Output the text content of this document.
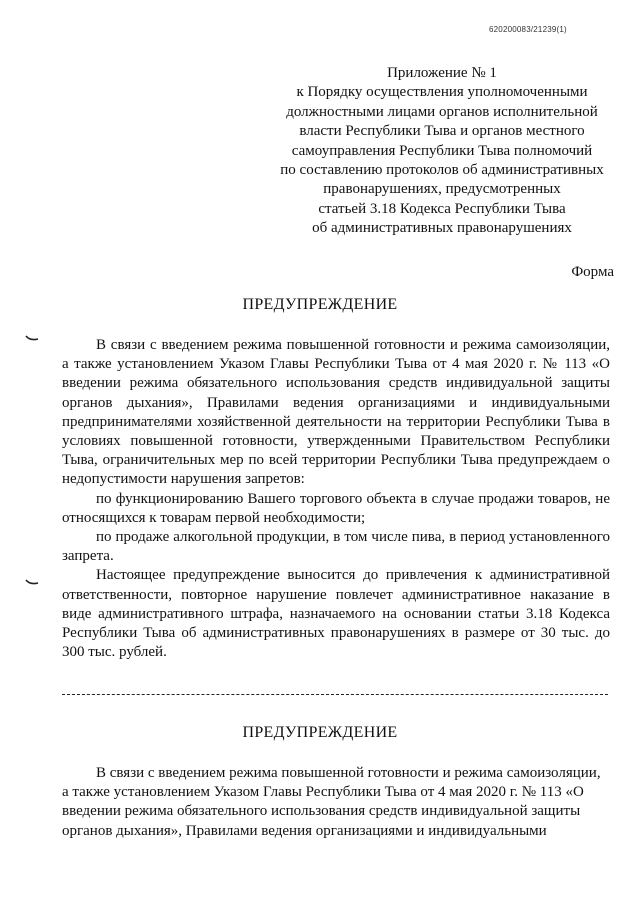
620200083/21239(1)
Приложение № 1
к Порядку осуществления уполномоченными
должностными лицами органов исполнительной
власти Республики Тыва и органов местного
самоуправления Республики Тыва полномочий
по составлению протоколов об административных
правонарушениях, предусмотренных
статьей 3.18 Кодекса Республики Тыва
об административных правонарушениях
Форма
ПРЕДУПРЕЖДЕНИЕ

В связи с введением режима повышенной готовности и режима самоизоляции, а также установлением Указом Главы Республики Тыва от 4 мая 2020 г. № 113 «О введении режима обязательного использования средств индивидуальной защиты органов дыхания», Правилами ведения организациями и индивидуальными предпринимателями хозяйственной деятельности на территории Республики Тыва в условиях повышенной готовности, утвержденными Правительством Республики Тыва, ограничительных мер по всей территории Республики Тыва предупреждаем о недопустимости нарушения запретов:

по функционированию Вашего торгового объекта в случае продажи товаров, не относящихся к товарам первой необходимости;

по продаже алкогольной продукции, в том числе пива, в период установленного запрета.

Настоящее предупреждение выносится до привлечения к административной ответственности, повторное нарушение повлечет административное наказание в виде административного штрафа, назначаемого на основании статьи 3.18 Кодекса Республики Тыва об административных правонарушениях в размере от 30 тыс. до 300 тыс. рублей.

ПРЕДУПРЕЖДЕНИЕ
В связи с введением режима повышенной готовности и режима самоизоляции,
а также установлением Указом Главы Республики Тыва от 4 мая 2020 г. № 113 «О
введении режима обязательного использования средств индивидуальной защиты
органов дыхания», Правилами ведения организациями и индивидуальными
